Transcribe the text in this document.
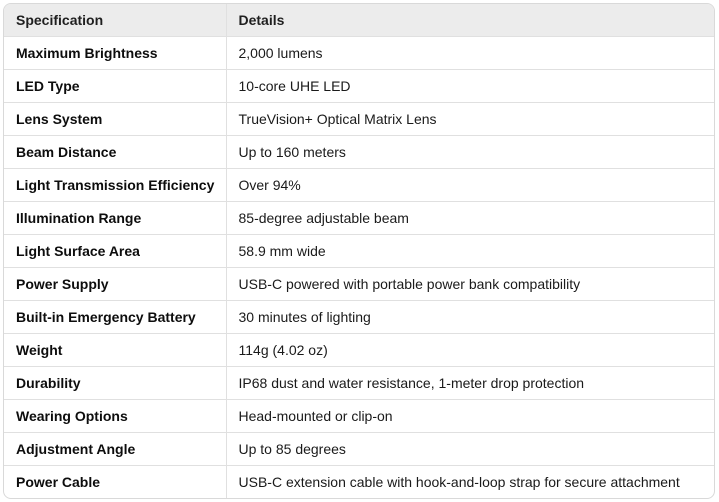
Specification	Details
Maximum Brightness	2,000 lumens
LED Type	10-core UHE LED
Lens System	TrueVision+ Optical Matrix Lens
Beam Distance	Up to 160 meters
Light Transmission Efficiency	Over 94%
Illumination Range	85-degree adjustable beam
Light Surface Area	58.9 mm wide
Power Supply	USB-C powered with portable power bank compatibility
Built-in Emergency Battery	30 minutes of lighting
Weight	114g (4.02 oz)
Durability	IP68 dust and water resistance, 1-meter drop protection
Wearing Options	Head-mounted or clip-on
Adjustment Angle	Up to 85 degrees
Power Cable	USB-C extension cable with hook-and-loop strap for secure attachment
